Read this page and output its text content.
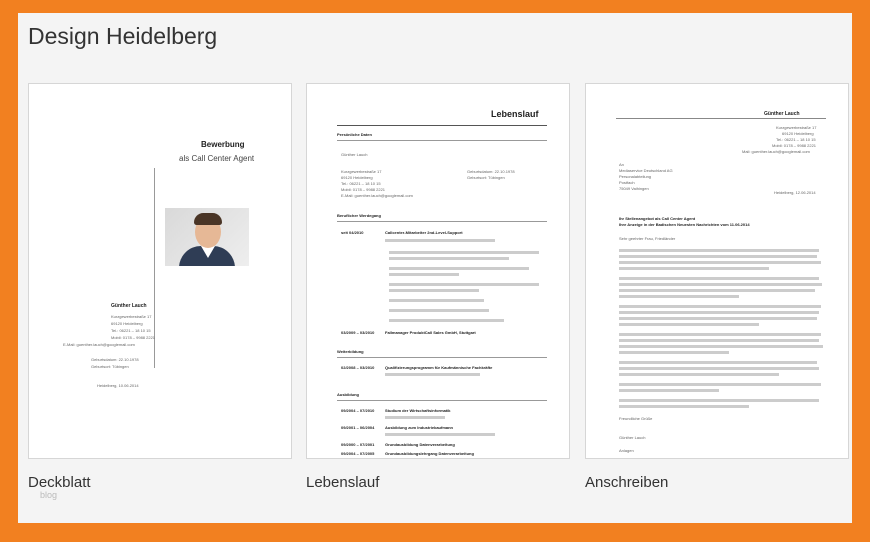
Design Heidelberg
Bewerbung
als Call Center Agent
Günther Lauch
Kurzgewerbestraße 17
69120 Heidelberg
Tel.: 06221 – 18 10 15
Mobil: 0178 – 9988 2221
E-Mail: guenther.lauch@googlemail.com
Geburtsdatum: 22.10.1978
Geburtsort: Tübingen
Heidelberg, 10.06.2014
Lebenslauf
Persönliche Daten
Günther Lauch
Kurzgewerbestraße 17
69120 Heidelberg
Tel.: 06221 – 18 10 15
Mobil: 0178 – 9988 2221
E-Mail: guenther.lauch@googlemail.com
Geburtsdatum: 22.10.1978
Geburtsort: Tübingen
Beruflicher Werdegang
seit 04/2010	Callcenter-Mitarbeiter 2nd-Level-Support
03/2009 – 03/2010	Fallmanager ProduktCall Sales GmbH, Stuttgart
Weiterbildung
02/2008 – 03/2010	Qualifizierungsprogramm für Kaufmännische Fachkräfte
Ausbildung
09/2004 – 07/2010	Studium der Wirtschaftsinformatik
09/2001 – 06/2004	Ausbildung zum Industriekaufmann
09/2000 – 07/2001	Grundausbildung Datenverarbeitung
09/2004 – 07/2005	Grundausbildungslehrgang Datenverarbeitung
Günther Lauch
Kurzgewerbestraße 17
69120 Heidelberg
Tel.: 06221 – 18 10 15
Mobil: 0178 – 9988 2221
Mail: guenther.lauch@googlemail.com
An
Mediaservice Deutschland AG
Personalabteilung
Postfach
75049 Vaihingen
Heidelberg, 12.06.2014
Ihr Stellenangebot als Call Center Agent
Ihre Anzeige in der Badischen Neuesten Nachrichten vom 11.06.2014
Sehr geehrter Frau, Friedländer
Freundliche Grüße
Günther Lauch
Anlagen
Deckblatt	Lebenslauf	Anschreiben
blog
